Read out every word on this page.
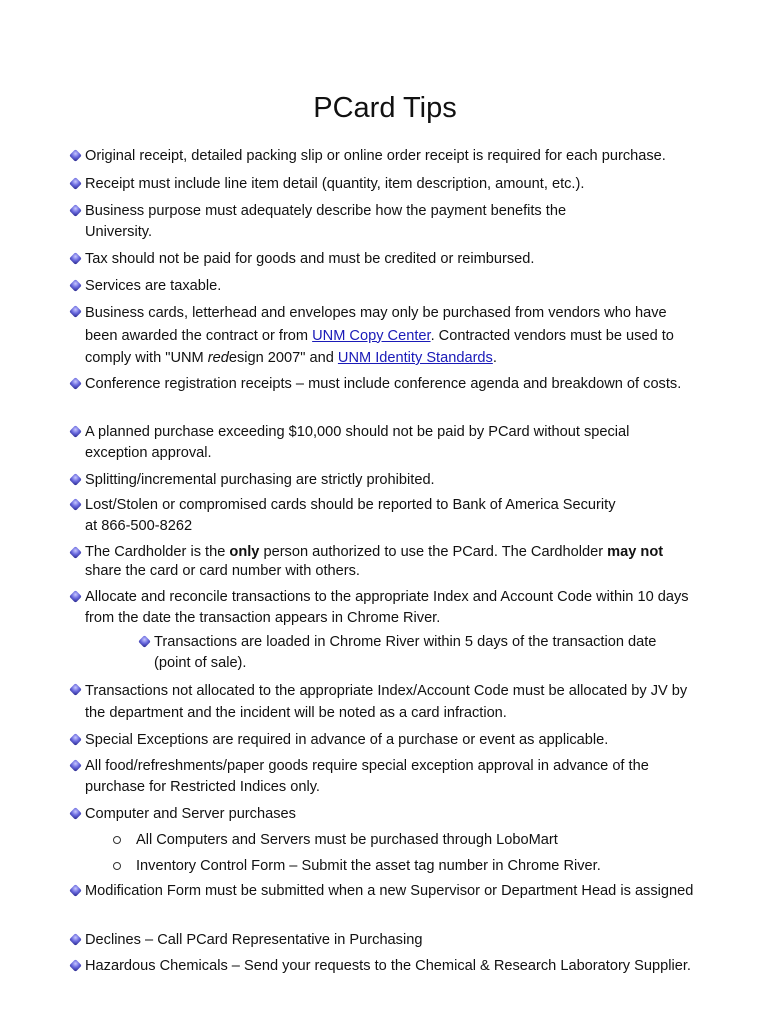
PCard Tips
Original receipt, detailed packing slip or online order receipt is required for each purchase.
Receipt must include line item detail (quantity, item description, amount, etc.).
Business purpose must adequately describe how the payment benefits the
University.
Tax should not be paid for goods and must be credited or reimbursed.
Services are taxable.
Business cards, letterhead and envelopes may only be purchased from vendors who have been awarded the contract or from UNM Copy Center. Contracted vendors must be used to comply with "UNM redesign 2007" and UNM Identity Standards.
Conference registration receipts – must include conference agenda and breakdown of costs.
A planned purchase exceeding $10,000 should not be paid by PCard without special exception approval.
Splitting/incremental purchasing are strictly prohibited.
Lost/Stolen or compromised cards should be reported to Bank of America Security
at 866-500-8262
The Cardholder is the only person authorized to use the PCard. The Cardholder may not share the card or card number with others.
Allocate and reconcile transactions to the appropriate Index and Account Code within 10 days from the date the transaction appears in Chrome River.
Transactions are loaded in Chrome River within 5 days of the transaction date (point of sale).
Transactions not allocated to the appropriate Index/Account Code must be allocated by JV by the department and the incident will be noted as a card infraction.
Special Exceptions are required in advance of a purchase or event as applicable.
All food/refreshments/paper goods require special exception approval in advance of the purchase for Restricted Indices only.
Computer and Server purchases
All Computers and Servers must be purchased through LoboMart
Inventory Control Form – Submit the asset tag number in Chrome River.
Modification Form must be submitted when a new Supervisor or Department Head is assigned
Declines – Call PCard Representative in Purchasing
Hazardous Chemicals – Send your requests to the Chemical & Research Laboratory Supplier.
